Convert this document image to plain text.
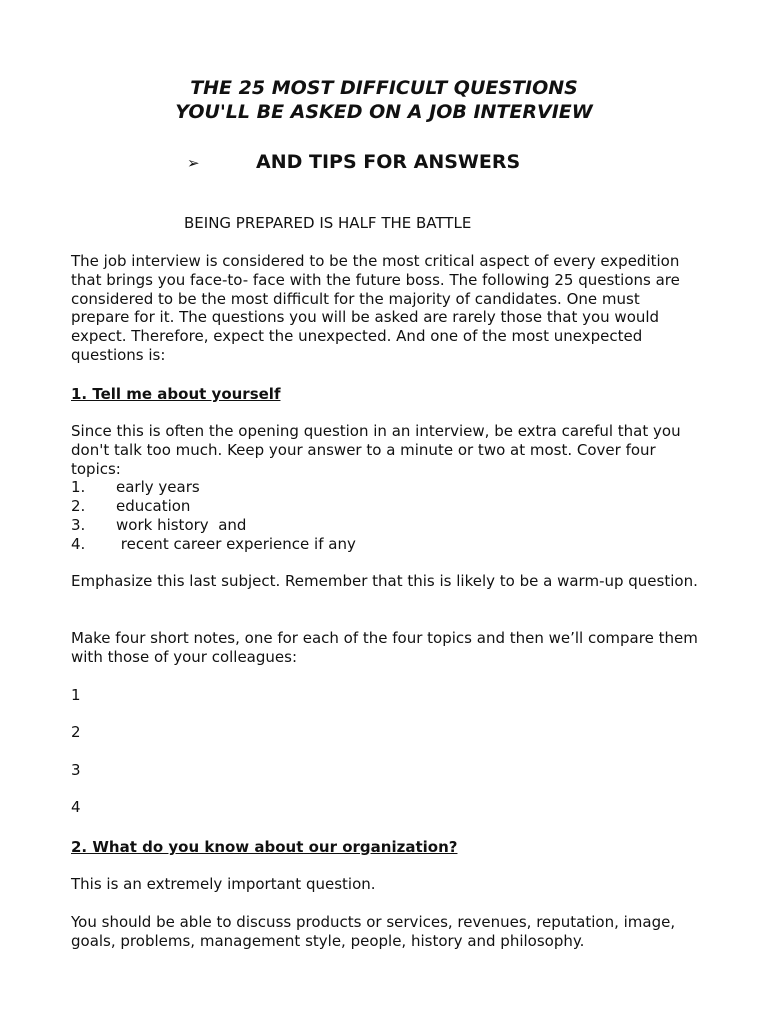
THE 25 MOST DIFFICULT QUESTIONS
YOU'LL BE ASKED ON A JOB INTERVIEW
➢	AND TIPS FOR ANSWERS

BEING PREPARED IS HALF THE BATTLE

The job interview is considered to be the most critical aspect of every expedition that brings you face-to- face with the future boss. The following 25 questions are considered to be the most difficult for the majority of candidates. One must prepare for it. The questions you will be asked are rarely those that you would expect. Therefore, expect the unexpected. And one of the most unexpected questions is:

1. Tell me about yourself

Since this is often the opening question in an interview, be extra careful that you don't talk too much. Keep your answer to a minute or two at most. Cover four topics:

1. early years

2. education

3. work history  and

4. recent career experience if any

Emphasize this last subject. Remember that this is likely to be a warm-up question.

Make four short notes, one for each of the four topics and then we’ll compare them with those of your colleagues:

1

2

3

4

2. What do you know about our organization?

This is an extremely important question.

You should be able to discuss products or services, revenues, reputation, image, goals, problems, management style, people, history and philosophy.
